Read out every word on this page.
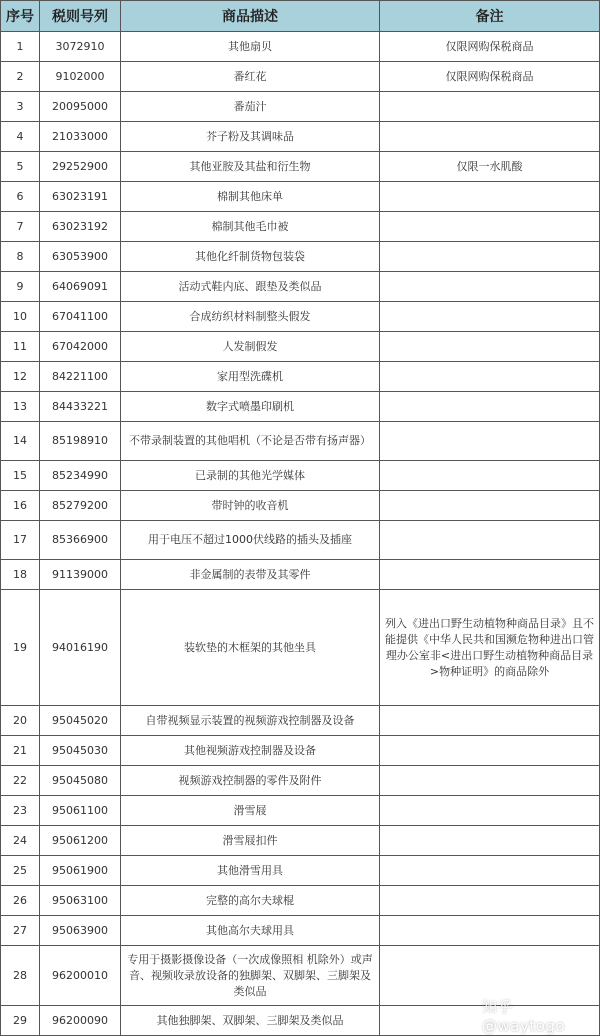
序号	税则号列	商品描述	备注
1	3072910	其他扇贝	仅限网购保税商品
2	9102000	番红花	仅限网购保税商品
3	20095000	番茄汁	
4	21033000	芥子粉及其调味品	
5	29252900	其他亚胺及其盐和衍生物	仅限一水肌酸
6	63023191	棉制其他床单	
7	63023192	棉制其他毛巾被	
8	63053900	其他化纤制货物包装袋	
9	64069091	活动式鞋内底、跟垫及类似品	
10	67041100	合成纺织材料制整头假发	
11	67042000	人发制假发	
12	84221100	家用型洗碟机	
13	84433221	数字式喷墨印刷机	
14	85198910	不带录制装置的其他唱机（不论是否带有扬声器）	
15	85234990	已录制的其他光学媒体	
16	85279200	带时钟的收音机	
17	85366900	用于电压不超过1000伏线路的插头及插座	
18	91139000	非金属制的表带及其零件	
19	94016190	装软垫的木框架的其他坐具	列入《进出口野生动植物种商品目录》且不能提供《中华人民共和国濒危物种进出口管理办公室非<进出口野生动植物种商品目录>物种证明》的商品除外
20	95045020	自带视频显示装置的视频游戏控制器及设备	
21	95045030	其他视频游戏控制器及设备	
22	95045080	视频游戏控制器的零件及附件	
23	95061100	滑雪屐	
24	95061200	滑雪屐扣件	
25	95061900	其他滑雪用具	
26	95063100	完整的高尔夫球棍	
27	95063900	其他高尔夫球用具	
28	96200010	专用于摄影摄像设备（一次成像照相 机除外）或声音、视频收录放设备的独脚架、双脚架、三脚架及类似品	
29	96200090	其他独脚架、双脚架、三脚架及类似品	
知乎 @waytogo
